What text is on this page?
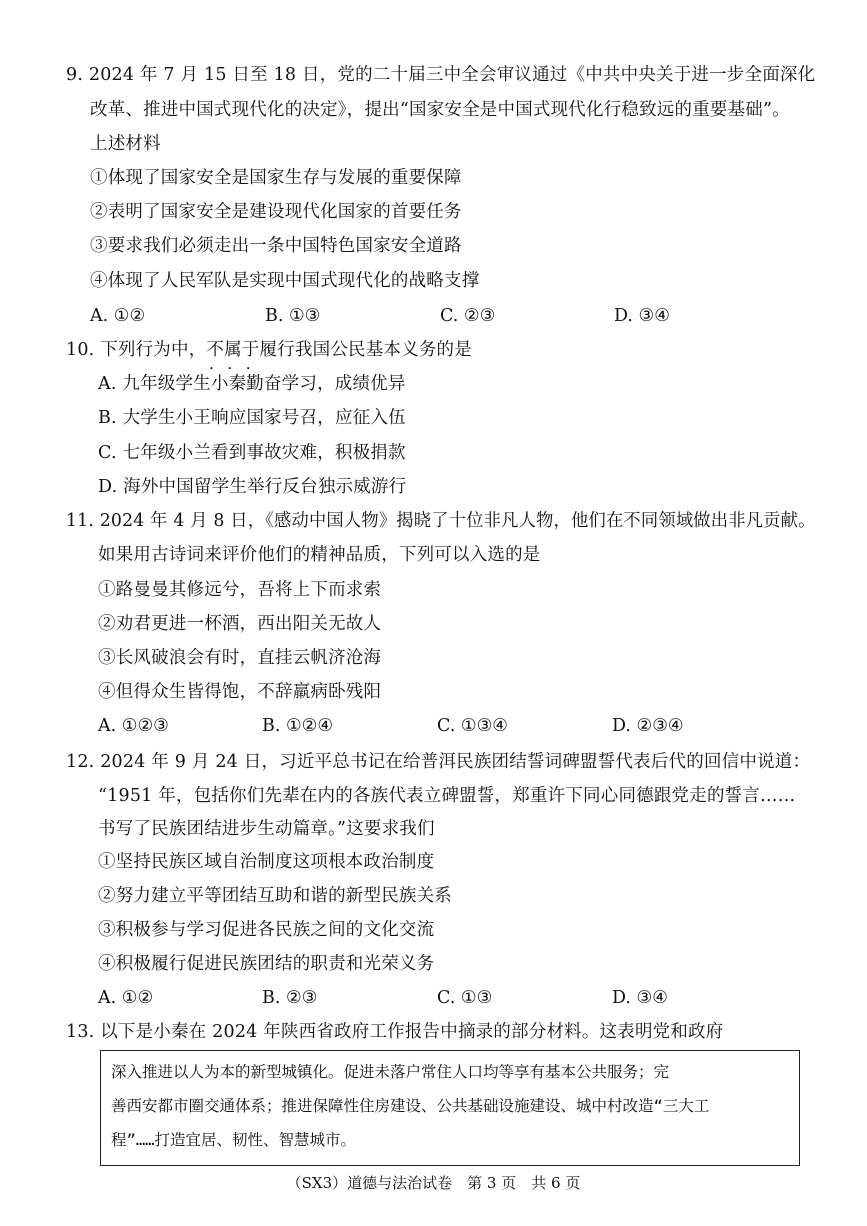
9. 2024 年 7 月 15 日至 18 日，党的二十届三中全会审议通过《中共中央关于进一步全面深化
改革、推进中国式现代化的决定》，提出“国家安全是中国式现代化行稳致远的重要基础”。
上述材料
①体现了国家安全是国家生存与发展的重要保障
②表明了国家安全是建设现代化国家的首要任务
③要求我们必须走出一条中国特色国家安全道路
④体现了人民军队是实现中国式现代化的战略支撑
A. ①②	B. ①③	C. ②③	D. ③④
10. 下列行为中，不属于 • • •履行我国公民基本义务的是
A. 九年级学生小秦勤奋学习，成绩优异
B. 大学生小王响应国家号召，应征入伍
C. 七年级小兰看到事故灾难，积极捐款
D. 海外中国留学生举行反台独示威游行
11. 2024 年 4 月 8 日，《感动中国人物》揭晓了十位非凡人物，他们在不同领域做出非凡贡献。
如果用古诗词来评价他们的精神品质，下列可以入选的是
①路曼曼其修远兮，吾将上下而求索
②劝君更进一杯酒，西出阳关无故人
③长风破浪会有时，直挂云帆济沧海
④但得众生皆得饱，不辞羸病卧残阳
A. ①②③	B. ①②④	C. ①③④	D. ②③④
12. 2024 年 9 月 24 日，习近平总书记在给普洱民族团结誓词碑盟誓代表后代的回信中说道：
“1951 年，包括你们先辈在内的各族代表立碑盟誓，郑重许下同心同德跟党走的誓言……
书写了民族团结进步生动篇章。”这要求我们
①坚持民族区域自治制度这项根本政治制度
②努力建立平等团结互助和谐的新型民族关系
③积极参与学习促进各民族之间的文化交流
④积极履行促进民族团结的职责和光荣义务
A. ①②	B. ②③	C. ①③	D. ③④
13. 以下是小秦在 2024 年陕西省政府工作报告中摘录的部分材料。这表明党和政府
深入推进以人为本的新型城镇化。促进未落户常住人口均等享有基本公共服务；完
善西安都市圈交通体系；推进保障性住房建设、公共基础设施建设、城中村改造“三大工
程”……打造宜居、韧性、智慧城市。
（SX3）道德与法治试卷　第 3 页　共 6 页
